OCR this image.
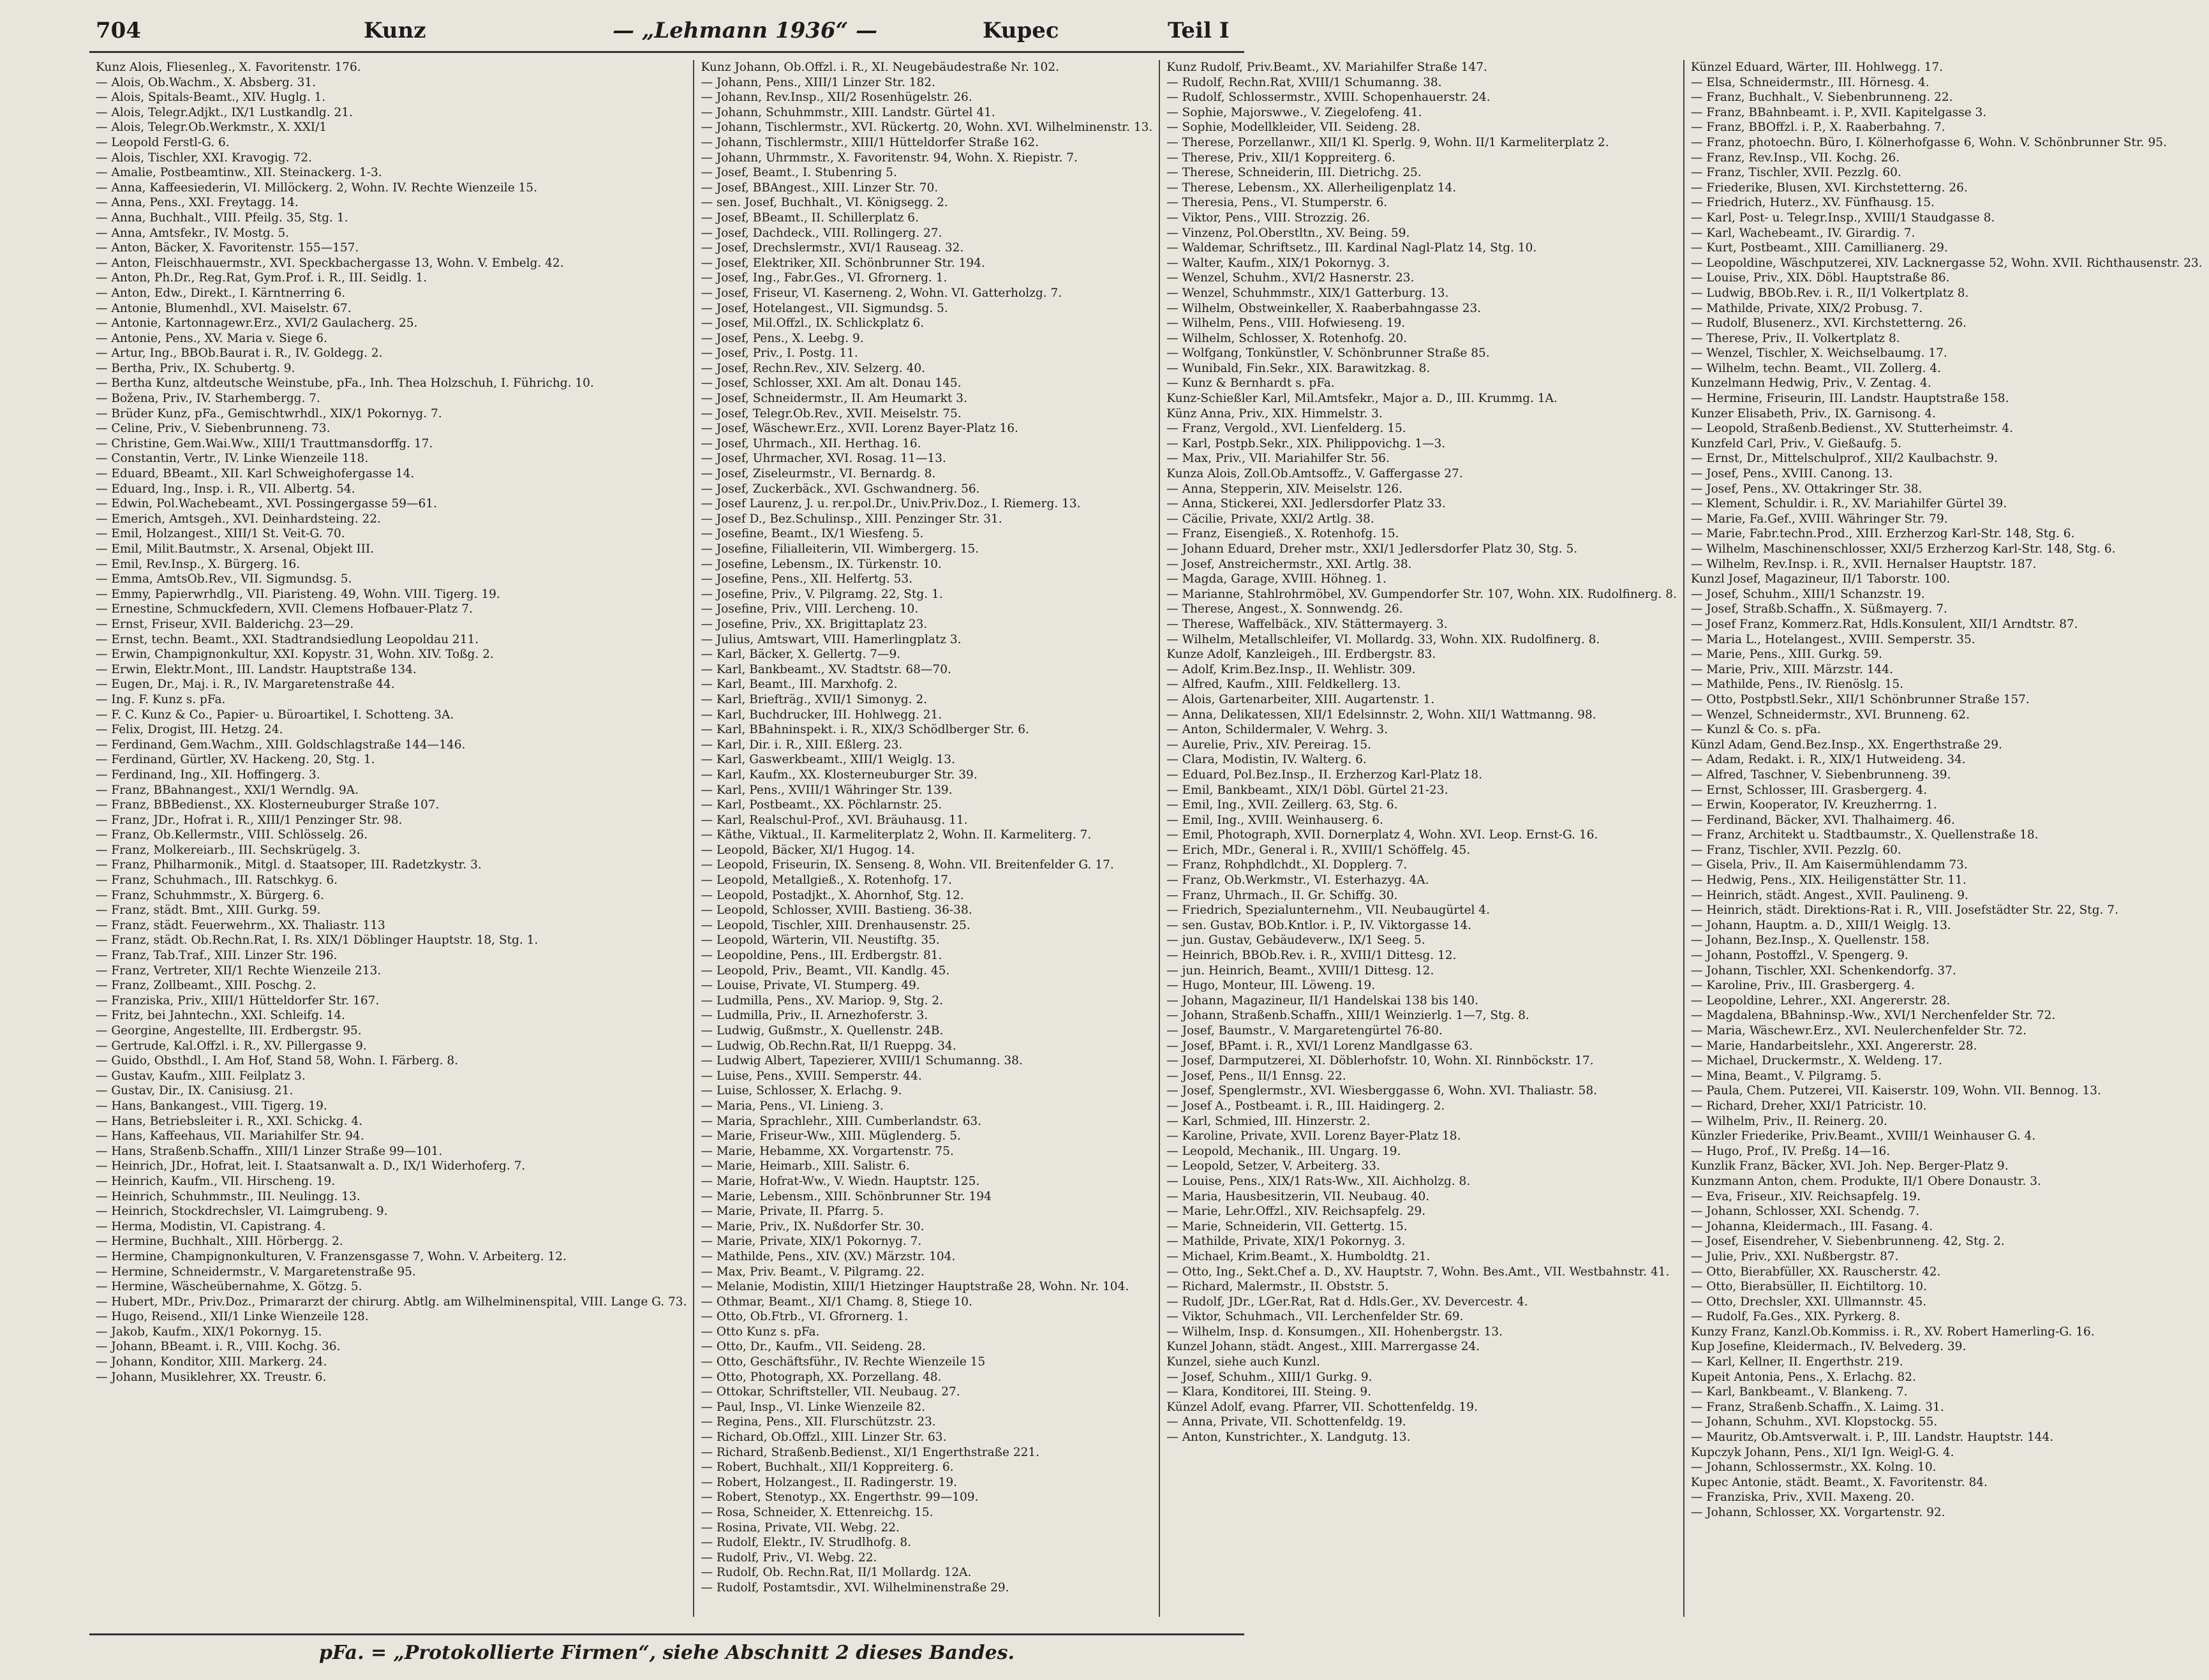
704	Kunz	— „Lehmann 1936“ —	Kupec	Teil I
Kunz Alois, Fliesenleg., X. Favoritenstr. 176.
— Alois, Ob.Wachm., X. Absberg. 31.
— Alois, Spitals-Beamt., XIV. Huglg. 1.
— Alois, Telegr.Adjkt., IX/1 Lustkandlg. 21.
— Alois, Telegr.Ob.Werkmstr., X. XXI/1
— Leopold Ferstl-G. 6.
— Alois, Tischler, XXI. Kravogig. 72.
— Amalie, Postbeamtinw., XII. Steinackerg. 1-3.
— Anna, Kaffeesiederin, VI. Millöckerg. 2, Wohn. IV. Rechte Wienzeile 15.
— Anna, Pens., XXI. Freytagg. 14.
— Anna, Buchhalt., VIII. Pfeilg. 35, Stg. 1.
— Anna, Amtsfekr., IV. Mostg. 5.
— Anton, Bäcker, X. Favoritenstr. 155—157.
— Anton, Fleischhauermstr., XVI. Speckbachergasse 13, Wohn. V. Embelg. 42.
— Anton, Ph.Dr., Reg.Rat, Gym.Prof. i. R., III. Seidlg. 1.
— Anton, Edw., Direkt., I. Kärntnerring 6.
— Antonie, Blumenhdl., XVI. Maiselstr. 67.
— Antonie, Kartonnagewr.Erz., XVI/2 Gaulacherg. 25.
— Antonie, Pens., XV. Maria v. Siege 6.
— Artur, Ing., BBOb.Baurat i. R., IV. Goldegg. 2.
— Bertha, Priv., IX. Schubertg. 9.
— Bertha Kunz, altdeutsche Weinstube, pFa., Inh. Thea Holzschuh, I. Führichg. 10.
— Božena, Priv., IV. Starhembergg. 7.
— Brüder Kunz, pFa., Gemischtwrhdl., XIX/1 Pokornyg. 7.
— Celine, Priv., V. Siebenbrunneng. 73.
— Christine, Gem.Wai.Ww., XIII/1 Trauttmansdorffg. 17.
— Constantin, Vertr., IV. Linke Wienzeile 118.
— Eduard, BBeamt., XII. Karl Schweighofergasse 14.
— Eduard, Ing., Insp. i. R., VII. Albertg. 54.
— Edwin, Pol.Wachebeamt., XVI. Possingergasse 59—61.
— Emerich, Amtsgeh., XVI. Deinhardsteing. 22.
— Emil, Holzangest., XIII/1 St. Veit-G. 70.
— Emil, Milit.Bautmstr., X. Arsenal, Objekt III.
— Emil, Rev.Insp., X. Bürgerg. 16.
— Emma, AmtsOb.Rev., VII. Sigmundsg. 5.
— Emmy, Papierwrhdlg., VII. Piaristeng. 49, Wohn. VIII. Tigerg. 19.
— Ernestine, Schmuckfedern, XVII. Clemens Hofbauer-Platz 7.
— Ernst, Friseur, XVII. Balderichg. 23—29.
— Ernst, techn. Beamt., XXI. Stadtrandsiedlung Leopoldau 211.
— Erwin, Champignonkultur, XXI. Kopystr. 31, Wohn. XIV. Toßg. 2.
— Erwin, Elektr.Mont., III. Landstr. Hauptstraße 134.
— Eugen, Dr., Maj. i. R., IV. Margaretenstraße 44.
— Ing. F. Kunz s. pFa.
— F. C. Kunz & Co., Papier- u. Büroartikel, I. Schotteng. 3A.
— Felix, Drogist, III. Hetzg. 24.
— Ferdinand, Gem.Wachm., XIII. Goldschlagstraße 144—146.
— Ferdinand, Gürtler, XV. Hackeng. 20, Stg. 1.
— Ferdinand, Ing., XII. Hoffingerg. 3.
— Franz, BBahnangest., XXI/1 Werndlg. 9A.
— Franz, BBBedienst., XX. Klosterneuburger Straße 107.
— Franz, JDr., Hofrat i. R., XIII/1 Penzinger Str. 98.
— Franz, Ob.Kellermstr., VIII. Schlösselg. 26.
— Franz, Molkereiarb., III. Sechskrügelg. 3.
— Franz, Philharmonik., Mitgl. d. Staatsoper, III. Radetzkystr. 3.
— Franz, Schuhmach., III. Ratschkyg. 6.
— Franz, Schuhmmstr., X. Bürgerg. 6.
— Franz, städt. Bmt., XIII. Gurkg. 59.
— Franz, städt. Feuerwehrm., XX. Thaliastr. 113
— Franz, städt. Ob.Rechn.Rat, I. Rs. XIX/1 Döblinger Hauptstr. 18, Stg. 1.
— Franz, Tab.Traf., XIII. Linzer Str. 196.
— Franz, Vertreter, XII/1 Rechte Wienzeile 213.
— Franz, Zollbeamt., XIII. Poschg. 2.
— Franziska, Priv., XIII/1 Hütteldorfer Str. 167.
— Fritz, bei Jahntechn., XXI. Schleifg. 14.
— Georgine, Angestellte, III. Erdbergstr. 95.
— Gertrude, Kal.Offzl. i. R., XV. Pillergasse 9.
— Guido, Obsthdl., I. Am Hof, Stand 58, Wohn. I. Färberg. 8.
— Gustav, Kaufm., XIII. Feilplatz 3.
— Gustav, Dir., IX. Canisiusg. 21.
— Hans, Bankangest., VIII. Tigerg. 19.
— Hans, Betriebsleiter i. R., XXI. Schickg. 4.
— Hans, Kaffeehaus, VII. Mariahilfer Str. 94.
— Hans, Straßenb.Schaffn., XIII/1 Linzer Straße 99—101.
— Heinrich, JDr., Hofrat, leit. I. Staatsanwalt a. D., IX/1 Widerhoferg. 7.
— Heinrich, Kaufm., VII. Hirscheng. 19.
— Heinrich, Schuhmmstr., III. Neulingg. 13.
— Heinrich, Stockdrechsler, VI. Laimgrubeng. 9.
— Herma, Modistin, VI. Capistrang. 4.
— Hermine, Buchhalt., XIII. Hörbergg. 2.
— Hermine, Champignonkulturen, V. Franzensgasse 7, Wohn. V. Arbeiterg. 12.
— Hermine, Schneidermstr., V. Margaretenstraße 95.
— Hermine, Wäscheübernahme, X. Götzg. 5.
— Hubert, MDr., Priv.Doz., Primararzt der chirurg. Abtlg. am Wilhelminenspital, VIII. Lange G. 73.
— Hugo, Reisend., XII/1 Linke Wienzeile 128.
— Jakob, Kaufm., XIX/1 Pokornyg. 15.
— Johann, BBeamt. i. R., VIII. Kochg. 36.
— Johann, Konditor, XIII. Markerg. 24.
— Johann, Musiklehrer, XX. Treustr. 6.
Kunz Johann, Ob.Offzl. i. R., XI. Neugebäudestraße Nr. 102.
— Johann, Pens., XIII/1 Linzer Str. 182.
— Johann, Rev.Insp., XII/2 Rosenhügelstr. 26.
— Johann, Schuhmmstr., XIII. Landstr. Gürtel 41.
— Johann, Tischlermstr., XVI. Rückertg. 20, Wohn. XVI. Wilhelminenstr. 13.
— Johann, Tischlermstr., XIII/1 Hütteldorfer Straße 162.
— Johann, Uhrmmstr., X. Favoritenstr. 94, Wohn. X. Riepistr. 7.
— Josef, Beamt., I. Stubenring 5.
— Josef, BBAngest., XIII. Linzer Str. 70.
— sen. Josef, Buchhalt., VI. Königsegg. 2.
— Josef, BBeamt., II. Schillerplatz 6.
— Josef, Dachdeck., VIII. Rollingerg. 27.
— Josef, Drechslermstr., XVI/1 Rauseag. 32.
— Josef, Elektriker, XII. Schönbrunner Str. 194.
— Josef, Ing., Fabr.Ges., VI. Gfrornerg. 1.
— Josef, Friseur, VI. Kaserneng. 2, Wohn. VI. Gatterholzg. 7.
— Josef, Hotelangest., VII. Sigmundsg. 5.
— Josef, Mil.Offzl., IX. Schlickplatz 6.
— Josef, Pens., X. Leebg. 9.
— Josef, Priv., I. Postg. 11.
— Josef, Rechn.Rev., XIV. Selzerg. 40.
— Josef, Schlosser, XXI. Am alt. Donau 145.
— Josef, Schneidermstr., II. Am Heumarkt 3.
— Josef, Telegr.Ob.Rev., XVII. Meiselstr. 75.
— Josef, Wäschewr.Erz., XVII. Lorenz Bayer-Platz 16.
— Josef, Uhrmach., XII. Herthag. 16.
— Josef, Uhrmacher, XVI. Rosag. 11—13.
— Josef, Ziseleurmstr., VI. Bernardg. 8.
— Josef, Zuckerbäck., XVI. Gschwandnerg. 56.
— Josef Laurenz, J. u. rer.pol.Dr., Univ.Priv.Doz., I. Riemerg. 13.
— Josef D., Bez.Schulinsp., XIII. Penzinger Str. 31.
— Josefine, Beamt., IX/1 Wiesfeng. 5.
— Josefine, Filialleiterin, VII. Wimbergerg. 15.
— Josefine, Lebensm., IX. Türkenstr. 10.
— Josefine, Pens., XII. Helfertg. 53.
— Josefine, Priv., V. Pilgramg. 22, Stg. 1.
— Josefine, Priv., VIII. Lercheng. 10.
— Josefine, Priv., XX. Brigittaplatz 23.
— Julius, Amtswart, VIII. Hamerlingplatz 3.
— Karl, Bäcker, X. Gellertg. 7—9.
— Karl, Bankbeamt., XV. Stadtstr. 68—70.
— Karl, Beamt., III. Marxhofg. 2.
— Karl, Briefträg., XVII/1 Simonyg. 2.
— Karl, Buchdrucker, III. Hohlwegg. 21.
— Karl, BBahninspekt. i. R., XIX/3 Schödlberger Str. 6.
— Karl, Dir. i. R., XIII. Eßlerg. 23.
— Karl, Gaswerkbeamt., XIII/1 Weiglg. 13.
— Karl, Kaufm., XX. Klosterneuburger Str. 39.
— Karl, Pens., XVIII/1 Währinger Str. 139.
— Karl, Postbeamt., XX. Pöchlarnstr. 25.
— Karl, Realschul-Prof., XVI. Bräuhausg. 11.
— Käthe, Viktual., II. Karmeliterplatz 2, Wohn. II. Karmeliterg. 7.
— Leopold, Bäcker, XI/1 Hugog. 14.
— Leopold, Friseurin, IX. Senseng. 8, Wohn. VII. Breitenfelder G. 17.
— Leopold, Metallgieß., X. Rotenhofg. 17.
— Leopold, Postadjkt., X. Ahornhof, Stg. 12.
— Leopold, Schlosser, XVIII. Bastieng. 36-38.
— Leopold, Tischler, XIII. Drenhausenstr. 25.
— Leopold, Wärterin, VII. Neustiftg. 35.
— Leopoldine, Pens., III. Erdbergstr. 81.
— Leopold, Priv., Beamt., VII. Kandlg. 45.
— Louise, Private, VI. Stumperg. 49.
— Ludmilla, Pens., XV. Mariop. 9, Stg. 2.
— Ludmilla, Priv., II. Arnezhoferstr. 3.
— Ludwig, Gußmstr., X. Quellenstr. 24B.
— Ludwig, Ob.Rechn.Rat, II/1 Rueppg. 34.
— Ludwig Albert, Tapezierer, XVIII/1 Schumanng. 38.
— Luise, Pens., XVIII. Semperstr. 44.
— Luise, Schlosser, X. Erlachg. 9.
— Maria, Pens., VI. Linieng. 3.
— Maria, Sprachlehr., XIII. Cumberlandstr. 63.
— Marie, Friseur-Ww., XIII. Müglenderg. 5.
— Marie, Hebamme, XX. Vorgartenstr. 75.
— Marie, Heimarb., XIII. Salistr. 6.
— Marie, Hofrat-Ww., V. Wiedn. Hauptstr. 125.
— Marie, Lebensm., XIII. Schönbrunner Str. 194
— Marie, Private, II. Pfarrg. 5.
— Marie, Priv., IX. Nußdorfer Str. 30.
— Marie, Private, XIX/1 Pokornyg. 7.
— Mathilde, Pens., XIV. (XV.) Märzstr. 104.
— Max, Priv. Beamt., V. Pilgramg. 22.
— Melanie, Modistin, XIII/1 Hietzinger Hauptstraße 28, Wohn. Nr. 104.
— Othmar, Beamt., XI/1 Chamg. 8, Stiege 10.
— Otto, Ob.Ftrb., VI. Gfrornerg. 1.
— Otto Kunz s. pFa.
— Otto, Dr., Kaufm., VII. Seideng. 28.
— Otto, Geschäftsführ., IV. Rechte Wienzeile 15
— Otto, Photograph, XX. Porzellang. 48.
— Ottokar, Schriftsteller, VII. Neubaug. 27.
— Paul, Insp., VI. Linke Wienzeile 82.
— Regina, Pens., XII. Flurschützstr. 23.
— Richard, Ob.Offzl., XIII. Linzer Str. 63.
— Richard, Straßenb.Bedienst., XI/1 Engerthstraße 221.
— Robert, Buchhalt., XII/1 Koppreiterg. 6.
— Robert, Holzangest., II. Radingerstr. 19.
— Robert, Stenotyp., XX. Engerthstr. 99—109.
— Rosa, Schneider, X. Ettenreichg. 15.
— Rosina, Private, VII. Webg. 22.
— Rudolf, Elektr., IV. Strudlhofg. 8.
— Rudolf, Priv., VI. Webg. 22.
— Rudolf, Ob. Rechn.Rat, II/1 Mollardg. 12A.
— Rudolf, Postamtsdir., XVI. Wilhelminenstraße 29.
Kunz Rudolf, Priv.Beamt., XV. Mariahilfer Straße 147.
— Rudolf, Rechn.Rat, XVIII/1 Schumanng. 38.
— Rudolf, Schlossermstr., XVIII. Schopenhauerstr. 24.
— Sophie, Majorswwe., V. Ziegelofeng. 41.
— Sophie, Modellkleider, VII. Seideng. 28.
— Therese, Porzellanwr., XII/1 Kl. Sperlg. 9, Wohn. II/1 Karmeliterplatz 2.
— Therese, Priv., XII/1 Koppreiterg. 6.
— Therese, Schneiderin, III. Dietrichg. 25.
— Therese, Lebensm., XX. Allerheiligenplatz 14.
— Theresia, Pens., VI. Stumperstr. 6.
— Viktor, Pens., VIII. Strozzig. 26.
— Vinzenz, Pol.Oberstltn., XV. Being. 59.
— Waldemar, Schriftsetz., III. Kardinal Nagl-Platz 14, Stg. 10.
— Walter, Kaufm., XIX/1 Pokornyg. 3.
— Wenzel, Schuhm., XVI/2 Hasnerstr. 23.
— Wenzel, Schuhmmstr., XIX/1 Gatterburg. 13.
— Wilhelm, Obstweinkeller, X. Raaberbahngasse 23.
— Wilhelm, Pens., VIII. Hofwieseng. 19.
— Wilhelm, Schlosser, X. Rotenhofg. 20.
— Wolfgang, Tonkünstler, V. Schönbrunner Straße 85.
— Wunibald, Fin.Sekr., XIX. Barawitzkag. 8.
— Kunz & Bernhardt s. pFa.
Kunz-Schießler Karl, Mil.Amtsfekr., Major a. D., III. Krummg. 1A.
Künz Anna, Priv., XIX. Himmelstr. 3.
— Franz, Vergold., XVI. Lienfelderg. 15.
— Karl, Postpb.Sekr., XIX. Philippovichg. 1—3.
— Max, Priv., VII. Mariahilfer Str. 56.
Kunza Alois, Zoll.Ob.Amtsoffz., V. Gaffergasse 27.
— Anna, Stepperin, XIV. Meiselstr. 126.
— Anna, Stickerei, XXI. Jedlersdorfer Platz 33.
— Cäcilie, Private, XXI/2 Artlg. 38.
— Franz, Eisengieß., X. Rotenhofg. 15.
— Johann Eduard, Dreher mstr., XXI/1 Jedlersdorfer Platz 30, Stg. 5.
— Josef, Anstreichermstr., XXI. Artlg. 38.
— Magda, Garage, XVIII. Höhneg. 1.
— Marianne, Stahlrohrmöbel, XV. Gumpendorfer Str. 107, Wohn. XIX. Rudolfinerg. 8.
— Therese, Angest., X. Sonnwendg. 26.
— Therese, Waffelbäck., XIV. Stättermayerg. 3.
— Wilhelm, Metallschleifer, VI. Mollardg. 33, Wohn. XIX. Rudolfinerg. 8.
Kunze Adolf, Kanzleigeh., III. Erdbergstr. 83.
— Adolf, Krim.Bez.Insp., II. Wehlistr. 309.
— Alfred, Kaufm., XIII. Feldkellerg. 13.
— Alois, Gartenarbeiter, XIII. Augartenstr. 1.
— Anna, Delikatessen, XII/1 Edelsinnstr. 2, Wohn. XII/1 Wattmanng. 98.
— Anton, Schildermaler, V. Wehrg. 3.
— Aurelie, Priv., XIV. Pereirag. 15.
— Clara, Modistin, IV. Walterg. 6.
— Eduard, Pol.Bez.Insp., II. Erzherzog Karl-Platz 18.
— Emil, Bankbeamt., XIX/1 Döbl. Gürtel 21-23.
— Emil, Ing., XVII. Zeillerg. 63, Stg. 6.
— Emil, Ing., XVIII. Weinhauserg. 6.
— Emil, Photograph, XVII. Dornerplatz 4, Wohn. XVI. Leop. Ernst-G. 16.
— Erich, MDr., General i. R., XVIII/1 Schöffelg. 45.
— Franz, Rohphdlchdt., XI. Dopplerg. 7.
— Franz, Ob.Werkmstr., VI. Esterhazyg. 4A.
— Franz, Uhrmach., II. Gr. Schiffg. 30.
— Friedrich, Spezialunternehm., VII. Neubaugürtel 4.
— sen. Gustav, BOb.Kntlor. i. P., IV. Viktorgasse 14.
— jun. Gustav, Gebäudeverw., IX/1 Seeg. 5.
— Heinrich, BBOb.Rev. i. R., XVIII/1 Dittesg. 12.
— jun. Heinrich, Beamt., XVIII/1 Dittesg. 12.
— Hugo, Monteur, III. Löweng. 19.
— Johann, Magazineur, II/1 Handelskai 138 bis 140.
— Johann, Straßenb.Schaffn., XIII/1 Weinzierlg. 1—7, Stg. 8.
— Josef, Baumstr., V. Margaretengürtel 76-80.
— Josef, BPamt. i. R., XVI/1 Lorenz Mandlgasse 63.
— Josef, Darmputzerei, XI. Döblerhofstr. 10, Wohn. XI. Rinnböckstr. 17.
— Josef, Pens., II/1 Ennsg. 22.
— Josef, Spenglermstr., XVI. Wiesberggasse 6, Wohn. XVI. Thaliastr. 58.
— Josef A., Postbeamt. i. R., III. Haidingerg. 2.
— Karl, Schmied, III. Hinzerstr. 2.
— Karoline, Private, XVII. Lorenz Bayer-Platz 18.
— Leopold, Mechanik., III. Ungarg. 19.
— Leopold, Setzer, V. Arbeiterg. 33.
— Louise, Pens., XIX/1 Rats-Ww., XII. Aichholzg. 8.
— Maria, Hausbesitzerin, VII. Neubaug. 40.
— Marie, Lehr.Offzl., XIV. Reichsapfelg. 29.
— Marie, Schneiderin, VII. Gettertg. 15.
— Mathilde, Private, XIX/1 Pokornyg. 3.
— Michael, Krim.Beamt., X. Humboldtg. 21.
— Otto, Ing., Sekt.Chef a. D., XV. Hauptstr. 7, Wohn. Bes.Amt., VII. Westbahnstr. 41.
— Richard, Malermstr., II. Obststr. 5.
— Rudolf, JDr., LGer.Rat, Rat d. Hdls.Ger., XV. Devercestr. 4.
— Viktor, Schuhmach., VII. Lerchenfelder Str. 69.
— Wilhelm, Insp. d. Konsumgen., XII. Hohenbergstr. 13.
Kunzel Johann, städt. Angest., XIII. Marrergasse 24.
Kunzel, siehe auch Kunzl.
— Josef, Schuhm., XIII/1 Gurkg. 9.
— Klara, Konditorei, III. Steing. 9.
Künzel Adolf, evang. Pfarrer, VII. Schottenfeldg. 19.
— Anna, Private, VII. Schottenfeldg. 19.
— Anton, Kunstrichter., X. Landgutg. 13.
Künzel Eduard, Wärter, III. Hohlwegg. 17.
— Elsa, Schneidermstr., III. Hörnesg. 4.
— Franz, Buchhalt., V. Siebenbrunneng. 22.
— Franz, BBahnbeamt. i. P., XVII. Kapitelgasse 3.
— Franz, BBOffzl. i. P., X. Raaberbahng. 7.
— Franz, photoechn. Büro, I. Kölnerhofgasse 6, Wohn. V. Schönbrunner Str. 95.
— Franz, Rev.Insp., VII. Kochg. 26.
— Franz, Tischler, XVII. Pezzlg. 60.
— Friederike, Blusen, XVI. Kirchstetterng. 26.
— Friedrich, Huterz., XV. Fünfhausg. 15.
— Karl, Post- u. Telegr.Insp., XVIII/1 Staudgasse 8.
— Karl, Wachebeamt., IV. Girardig. 7.
— Kurt, Postbeamt., XIII. Camillianerg. 29.
— Leopoldine, Wäschputzerei, XIV. Lacknergasse 52, Wohn. XVII. Richthausenstr. 23.
— Louise, Priv., XIX. Döbl. Hauptstraße 86.
— Ludwig, BBOb.Rev. i. R., II/1 Volkertplatz 8.
— Mathilde, Private, XIX/2 Probusg. 7.
— Rudolf, Blusenerz., XVI. Kirchstetterng. 26.
— Therese, Priv., II. Volkertplatz 8.
— Wenzel, Tischler, X. Weichselbaumg. 17.
— Wilhelm, techn. Beamt., VII. Zollerg. 4.
Kunzelmann Hedwig, Priv., V. Zentag. 4.
— Hermine, Friseurin, III. Landstr. Hauptstraße 158.
Kunzer Elisabeth, Priv., IX. Garnisong. 4.
— Leopold, Straßenb.Bedienst., XV. Stutterheimstr. 4.
Kunzfeld Carl, Priv., V. Gießaufg. 5.
— Ernst, Dr., Mittelschulprof., XII/2 Kaulbachstr. 9.
— Josef, Pens., XVIII. Canong. 13.
— Josef, Pens., XV. Ottakringer Str. 38.
— Klement, Schuldir. i. R., XV. Mariahilfer Gürtel 39.
— Marie, Fa.Gef., XVIII. Währinger Str. 79.
— Marie, Fabr.techn.Prod., XIII. Erzherzog Karl-Str. 148, Stg. 6.
— Wilhelm, Maschinenschlosser, XXI/5 Erzherzog Karl-Str. 148, Stg. 6.
— Wilhelm, Rev.Insp. i. R., XVII. Hernalser Hauptstr. 187.
Kunzl Josef, Magazineur, II/1 Taborstr. 100.
— Josef, Schuhm., XIII/1 Schanzstr. 19.
— Josef, Straßb.Schaffn., X. Süßmayerg. 7.
— Josef Franz, Kommerz.Rat, Hdls.Konsulent, XII/1 Arndtstr. 87.
— Maria L., Hotelangest., XVIII. Semperstr. 35.
— Marie, Pens., XIII. Gurkg. 59.
— Marie, Priv., XIII. Märzstr. 144.
— Mathilde, Pens., IV. Rienöslg. 15.
— Otto, Postpbstl.Sekr., XII/1 Schönbrunner Straße 157.
— Wenzel, Schneidermstr., XVI. Brunneng. 62.
— Kunzl & Co. s. pFa.
Künzl Adam, Gend.Bez.Insp., XX. Engerthstraße 29.
— Adam, Redakt. i. R., XIX/1 Hutweideng. 34.
— Alfred, Taschner, V. Siebenbrunneng. 39.
— Ernst, Schlosser, III. Grasbergerg. 4.
— Erwin, Kooperator, IV. Kreuzherrng. 1.
— Ferdinand, Bäcker, XVI. Thalhaimerg. 46.
— Franz, Architekt u. Stadtbaumstr., X. Quellenstraße 18.
— Franz, Tischler, XVII. Pezzlg. 60.
— Gisela, Priv., II. Am Kaisermühlendamm 73.
— Hedwig, Pens., XIX. Heiligenstätter Str. 11.
— Heinrich, städt. Angest., XVII. Paulineng. 9.
— Heinrich, städt. Direktions-Rat i. R., VIII. Josefstädter Str. 22, Stg. 7.
— Johann, Hauptm. a. D., XIII/1 Weiglg. 13.
— Johann, Bez.Insp., X. Quellenstr. 158.
— Johann, Postoffzl., V. Spengerg. 9.
— Johann, Tischler, XXI. Schenkendorfg. 37.
— Karoline, Priv., III. Grasbergerg. 4.
— Leopoldine, Lehrer., XXI. Angererstr. 28.
— Magdalena, BBahninsp.-Ww., XVI/1 Nerchenfelder Str. 72.
— Maria, Wäschewr.Erz., XVI. Neulerchenfelder Str. 72.
— Marie, Handarbeitslehr., XXI. Angererstr. 28.
— Michael, Druckermstr., X. Weldeng. 17.
— Mina, Beamt., V. Pilgramg. 5.
— Paula, Chem. Putzerei, VII. Kaiserstr. 109, Wohn. VII. Bennog. 13.
— Richard, Dreher, XXI/1 Patricistr. 10.
— Wilhelm, Priv., II. Reinerg. 20.
Künzler Friederike, Priv.Beamt., XVIII/1 Weinhauser G. 4.
— Hugo, Prof., IV. Preßg. 14—16.
Kunzlik Franz, Bäcker, XVI. Joh. Nep. Berger-Platz 9.
Kunzmann Anton, chem. Produkte, II/1 Obere Donaustr. 3.
— Eva, Friseur., XIV. Reichsapfelg. 19.
— Johann, Schlosser, XXI. Schendg. 7.
— Johanna, Kleidermach., III. Fasang. 4.
— Josef, Eisendreher, V. Siebenbrunneng. 42, Stg. 2.
— Julie, Priv., XXI. Nußbergstr. 87.
— Otto, Bierabfüller, XX. Rauscherstr. 42.
— Otto, Bierabsüller, II. Eichtiltorg. 10.
— Otto, Drechsler, XXI. Ullmannstr. 45.
— Rudolf, Fa.Ges., XIX. Pyrkerg. 8.
Kunzy Franz, Kanzl.Ob.Kommiss. i. R., XV. Robert Hamerling-G. 16.
Kup Josefine, Kleidermach., IV. Belvederg. 39.
— Karl, Kellner, II. Engerthstr. 219.
Kupeit Antonia, Pens., X. Erlachg. 82.
— Karl, Bankbeamt., V. Blankeng. 7.
— Franz, Straßenb.Schaffn., X. Laimg. 31.
— Johann, Schuhm., XVI. Klopstockg. 55.
— Mauritz, Ob.Amtsverwalt. i. P., III. Landstr. Hauptstr. 144.
Kupczyk Johann, Pens., XI/1 Ign. Weigl-G. 4.
— Johann, Schlossermstr., XX. Kolng. 10.
Kupec Antonie, städt. Beamt., X. Favoritenstr. 84.
— Franziska, Priv., XVII. Maxeng. 20.
— Johann, Schlosser, XX. Vorgartenstr. 92.
pFa. = „Protokollierte Firmen“, siehe Abschnitt 2 dieses Bandes.
